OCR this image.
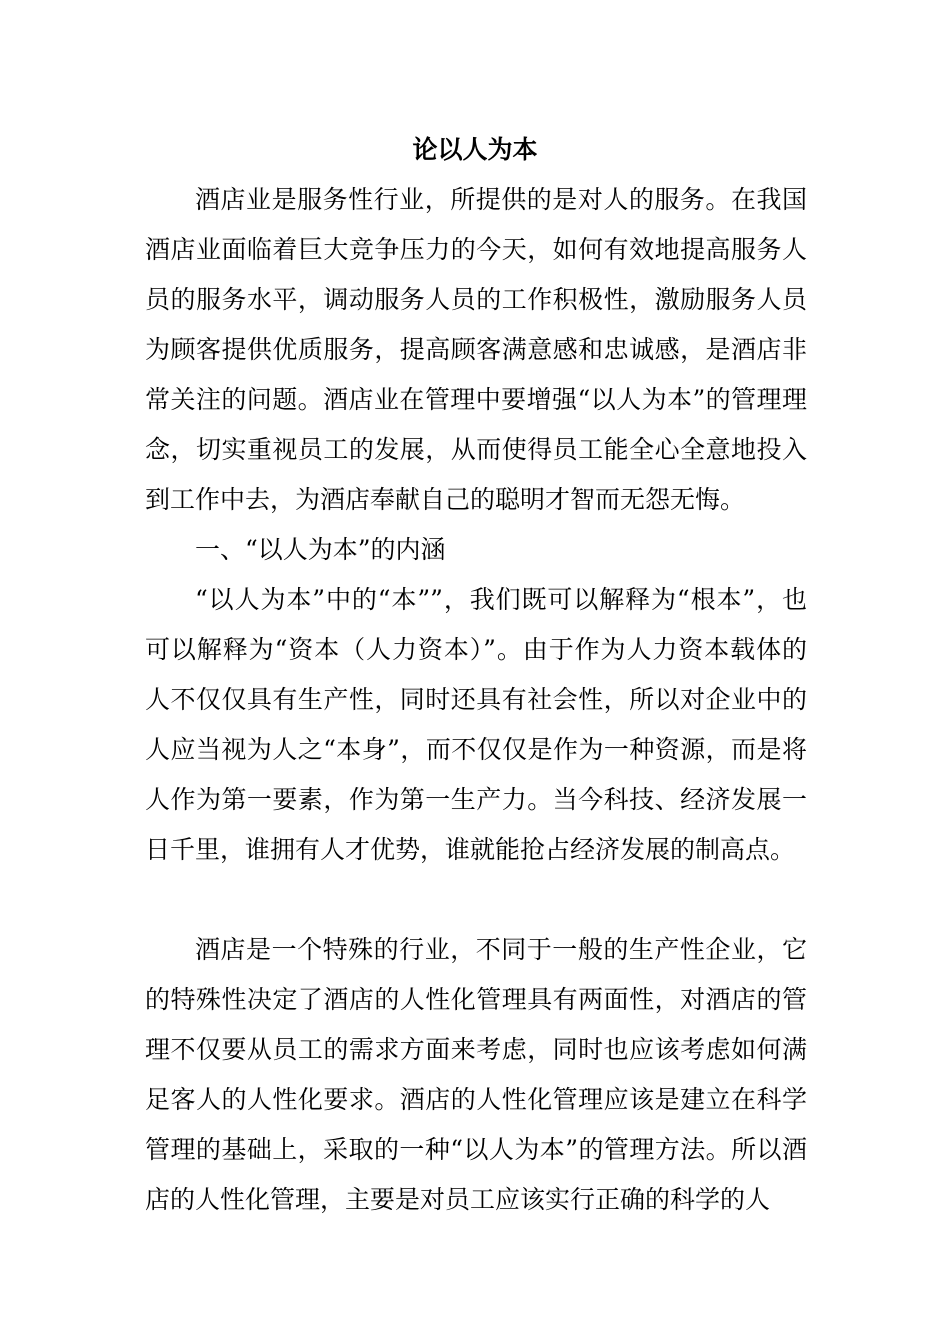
论以人为本

酒店业是服务性行业，所提供的是对人的服务。在我国酒店业面临着巨大竞争压力的今天，如何有效地提高服务人员的服务水平，调动服务人员的工作积极性，激励服务人员为顾客提供优质服务，提高顾客满意感和忠诚感，是酒店非常关注的问题。酒店业在管理中要增强“以人为本”的管理理念，切实重视员工的发展，从而使得员工能全心全意地投入到工作中去，为酒店奉献自己的聪明才智而无怨无悔。

一、“以人为本”的内涵

“以人为本”中的“本””，我们既可以解释为“根本”，也可以解释为“资本（人力资本）”。由于作为人力资本载体的人不仅仅具有生产性，同时还具有社会性，所以对企业中的人应当视为人之“本身”，而不仅仅是作为一种资源，而是将人作为第一要素，作为第一生产力。当今科技、经济发展一日千里，谁拥有人才优势，谁就能抢占经济发展的制高点。

酒店是一个特殊的行业，不同于一般的生产性企业，它的特殊性决定了酒店的人性化管理具有两面性，对酒店的管理不仅要从员工的需求方面来考虑，同时也应该考虑如何满足客人的人性化要求。酒店的人性化管理应该是建立在科学管理的基础上，采取的一种“以人为本”的管理方法。所以酒店的人性化管理，主要是对员工应该实行正确的科学的人
